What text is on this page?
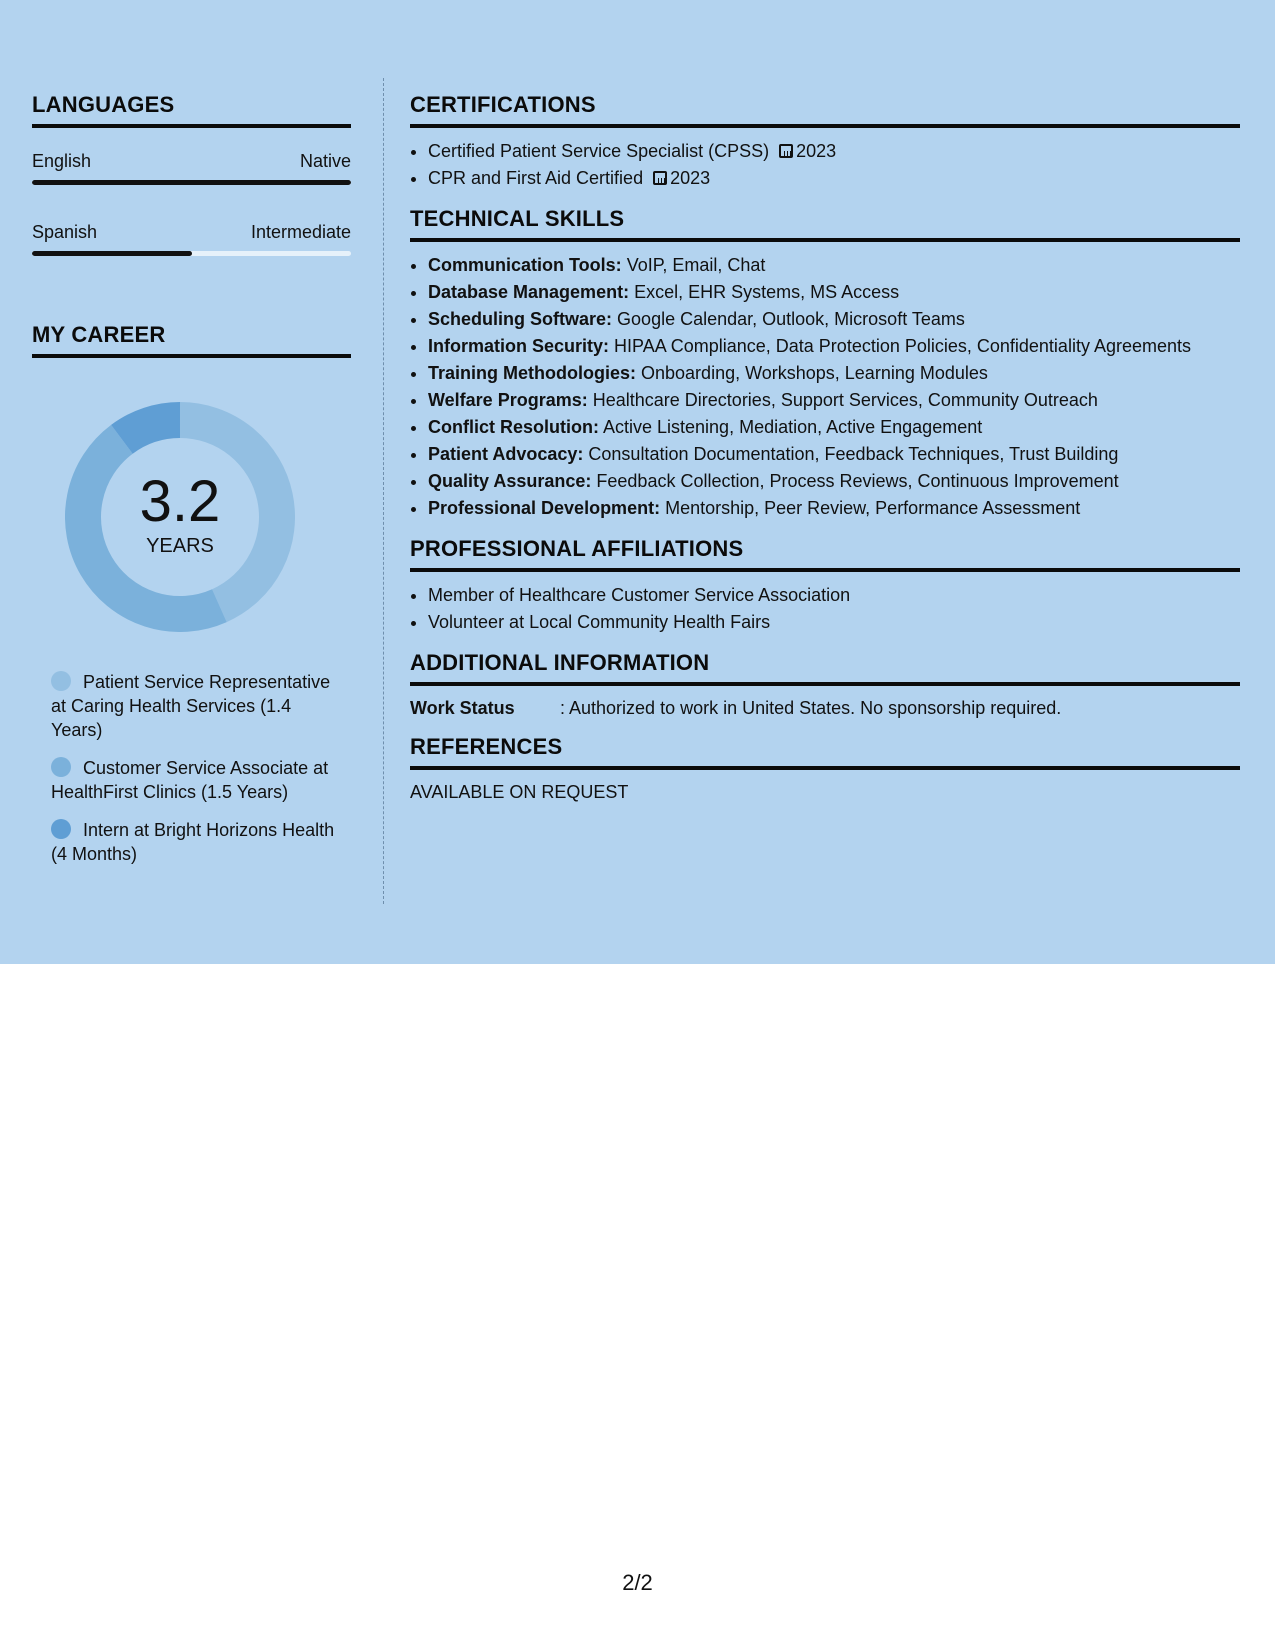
LANGUAGES
English	Native
Spanish	Intermediate
MY CAREER
3.2
YEARS
Patient Service Representative at Caring Health Services (1.4 Years)
Customer Service Associate at HealthFirst Clinics (1.5 Years)
Intern at Bright Horizons Health (4 Months)
CERTIFICATIONS
• Certified Patient Service Specialist (CPSS) 2023
• CPR and First Aid Certified 2023
TECHNICAL SKILLS
• Communication Tools: VoIP, Email, Chat
• Database Management: Excel, EHR Systems, MS Access
• Scheduling Software: Google Calendar, Outlook, Microsoft Teams
• Information Security: HIPAA Compliance, Data Protection Policies, Confidentiality Agreements
• Training Methodologies: Onboarding, Workshops, Learning Modules
• Welfare Programs: Healthcare Directories, Support Services, Community Outreach
• Conflict Resolution: Active Listening, Mediation, Active Engagement
• Patient Advocacy: Consultation Documentation, Feedback Techniques, Trust Building
• Quality Assurance: Feedback Collection, Process Reviews, Continuous Improvement
• Professional Development: Mentorship, Peer Review, Performance Assessment
PROFESSIONAL AFFILIATIONS
• Member of Healthcare Customer Service Association
• Volunteer at Local Community Health Fairs
ADDITIONAL INFORMATION
Work Status	: Authorized to work in United States. No sponsorship required.
REFERENCES
AVAILABLE ON REQUEST
2/2
